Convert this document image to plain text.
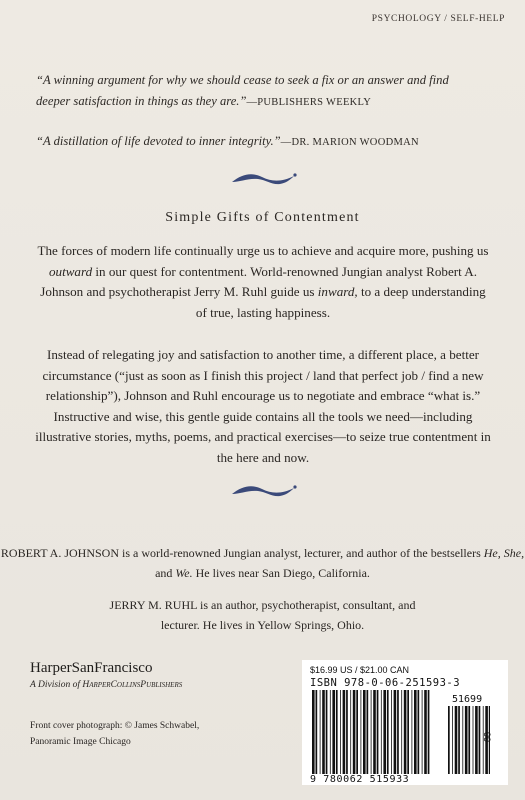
PSYCHOLOGY / SELF-HELP
“A winning argument for why we should cease to seek a fix or an answer and find deeper satisfaction in things as they are.”—PUBLISHERS WEEKLY
“A distillation of life devoted to inner integrity.”—DR. MARION WOODMAN
Simple Gifts of Contentment
The forces of modern life continually urge us to achieve and acquire more, pushing us outward in our quest for contentment. World-renowned Jungian analyst Robert A. Johnson and psychotherapist Jerry M. Ruhl guide us inward, to a deep understanding of true, lasting happiness.
Instead of relegating joy and satisfaction to another time, a different place, a better circumstance (“just as soon as I finish this project / land that perfect job / find a new relationship”), Johnson and Ruhl encourage us to negotiate and embrace “what is.” Instructive and wise, this gentle guide contains all the tools we need—including illustrative stories, myths, poems, and practical exercises—to seize true contentment in the here and now.
ROBERT A. JOHNSON is a world-renowned Jungian analyst, lecturer, and author of the bestsellers He, She, and We. He lives near San Diego, California.
JERRY M. RUHL is an author, psychotherapist, consultant, and lecturer. He lives in Yellow Springs, Ohio.
HarperSanFrancisco
A Division of HarperCollinsPublishers
Front cover photograph: © James Schwabel,
Panoramic Image Chicago
$16.99 US / $21.00 CAN
ISBN 978-0-06-251593-3
51699
9 780062 515933
00
